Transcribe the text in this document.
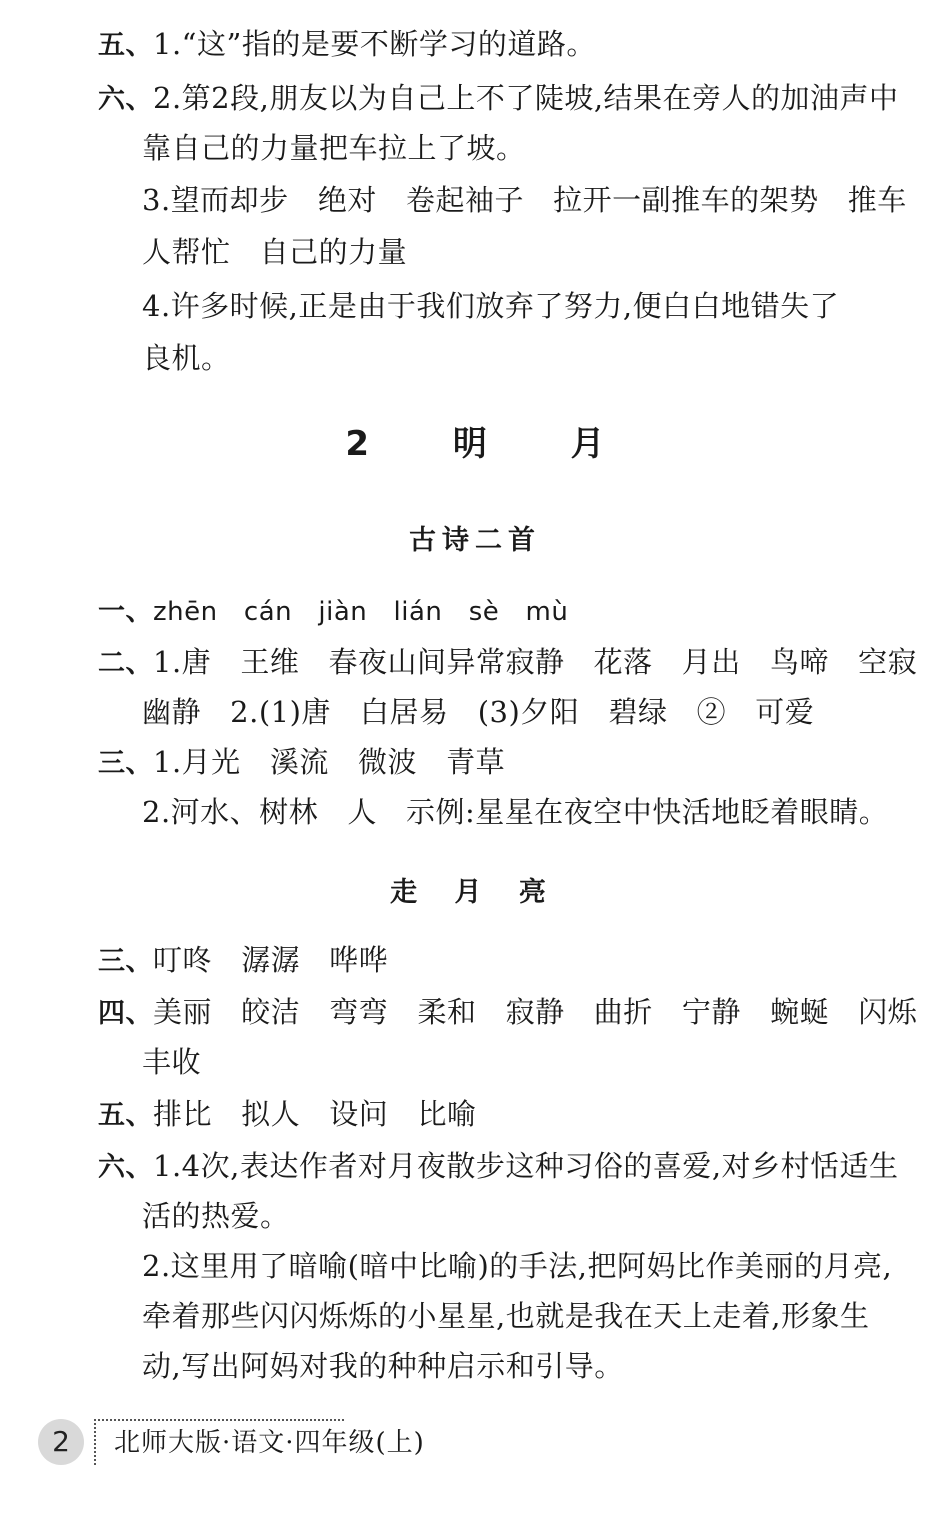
五、1.“这”指的是要不断学习的道路。
六、2.第2段,朋友以为自己上不了陡坡,结果在旁人的加油声中
靠自己的力量把车拉上了坡。
3.望而却步   绝对   卷起袖子   拉开一副推车的架势   推车
人帮忙   自己的力量
4.许多时候,正是由于我们放弃了努力,便白白地错失了
良机。
2 明 月
古诗二首
一、zhēn   cán   jiàn   lián   sè   mù
二、1.唐   王维   春夜山间异常寂静   花落   月出   鸟啼   空寂
幽静   2.(1)唐   白居易   (3)夕阳   碧绿   ②   可爱
三、1.月光   溪流   微波   青草
2.河水、树林   人   示例:星星在夜空中快活地眨着眼睛。
走 月 亮
三、叮咚   潺潺   哗哗
四、美丽   皎洁   弯弯   柔和   寂静   曲折   宁静   蜿蜒   闪烁
丰收
五、排比   拟人   设问   比喻
六、1.4次,表达作者对月夜散步这种习俗的喜爱,对乡村恬适生
活的热爱。
2.这里用了暗喻(暗中比喻)的手法,把阿妈比作美丽的月亮,
牵着那些闪闪烁烁的小星星,也就是我在天上走着,形象生
动,写出阿妈对我的种种启示和引导。
2	北师大版·语文·四年级(上)
